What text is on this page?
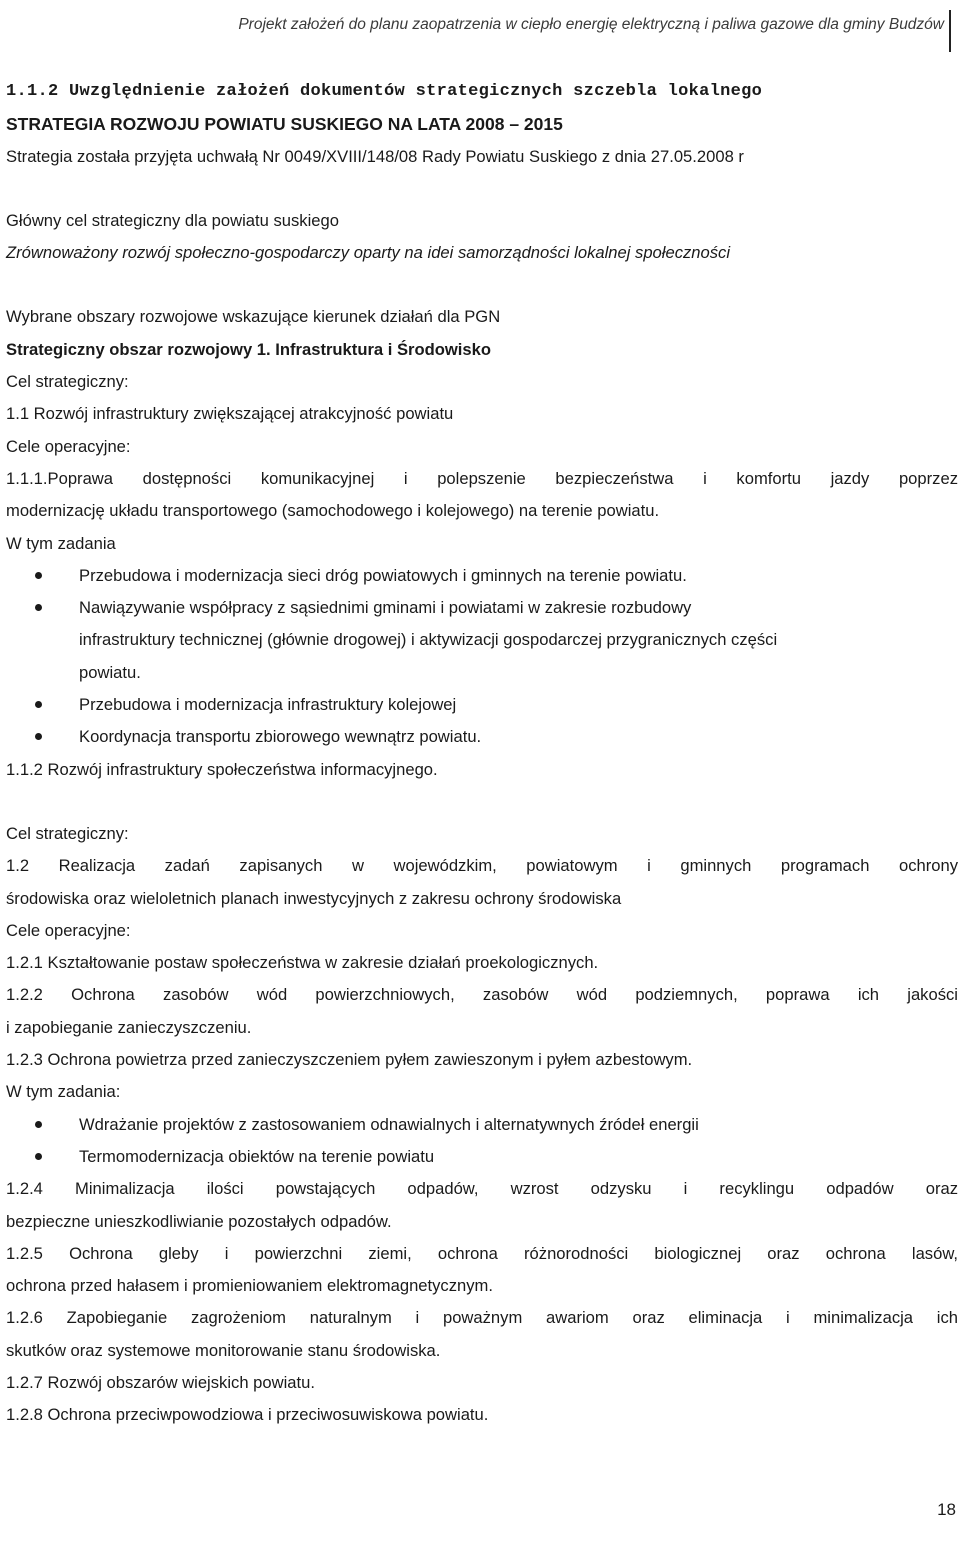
Projekt założeń do planu zaopatrzenia w ciepło energię elektryczną i paliwa gazowe dla gminy Budzów
1.1.2 Uwzględnienie założeń dokumentów strategicznych szczebla lokalnego
STRATEGIA ROZWOJU POWIATU SUSKIEGO NA LATA 2008 – 2015
Strategia została przyjęta uchwałą Nr 0049/XVIII/148/08 Rady Powiatu Suskiego z dnia 27.05.2008 r
Główny cel strategiczny dla powiatu suskiego
Zrównoważony rozwój społeczno-gospodarczy oparty na idei samorządności lokalnej społeczności
Wybrane obszary rozwojowe wskazujące kierunek działań dla PGN
Strategiczny obszar rozwojowy 1. Infrastruktura i Środowisko
Cel strategiczny:
1.1 Rozwój infrastruktury zwiększającej atrakcyjność powiatu
Cele operacyjne:
1.1.1.Poprawa dostępności komunikacyjnej i polepszenie bezpieczeństwa i komfortu jazdy poprzez
modernizację układu transportowego (samochodowego i kolejowego) na terenie powiatu.
W tym zadania
Przebudowa i modernizacja sieci dróg powiatowych i gminnych na terenie powiatu.
Nawiązywanie współpracy z sąsiednimi gminami i powiatami w zakresie rozbudowy
infrastruktury technicznej (głównie drogowej) i aktywizacji gospodarczej przygranicznych części
powiatu.
Przebudowa i modernizacja infrastruktury kolejowej
Koordynacja transportu zbiorowego wewnątrz powiatu.
1.1.2 Rozwój infrastruktury społeczeństwa informacyjnego.
Cel strategiczny:
1.2 Realizacja zadań zapisanych w wojewódzkim, powiatowym i gminnych programach ochrony
środowiska oraz wieloletnich planach inwestycyjnych z zakresu ochrony środowiska
Cele operacyjne:
1.2.1 Kształtowanie postaw społeczeństwa w zakresie działań proekologicznych.
1.2.2 Ochrona zasobów wód powierzchniowych, zasobów wód podziemnych, poprawa ich jakości
i zapobieganie zanieczyszczeniu.
1.2.3 Ochrona powietrza przed zanieczyszczeniem pyłem zawieszonym i pyłem azbestowym.
W tym zadania:
Wdrażanie projektów z zastosowaniem odnawialnych i alternatywnych źródeł energii
Termomodernizacja obiektów na terenie powiatu
1.2.4 Minimalizacja ilości powstających odpadów, wzrost odzysku i recyklingu odpadów oraz
bezpieczne unieszkodliwianie pozostałych odpadów.
1.2.5 Ochrona gleby i powierzchni ziemi, ochrona różnorodności biologicznej oraz ochrona lasów,
ochrona przed hałasem i promieniowaniem elektromagnetycznym.
1.2.6 Zapobieganie zagrożeniom naturalnym i poważnym awariom oraz eliminacja i minimalizacja ich
skutków oraz systemowe monitorowanie stanu środowiska.
1.2.7 Rozwój obszarów wiejskich powiatu.
1.2.8 Ochrona przeciwpowodziowa i przeciwosuwiskowa powiatu.
18
